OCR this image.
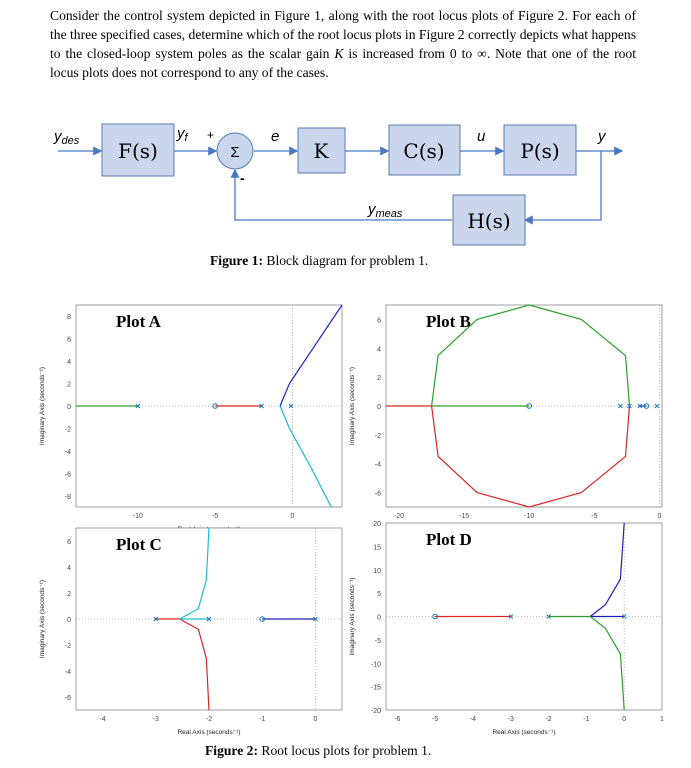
Consider the control system depicted in Figure 1, along with the root locus plots of Figure 2. For each of the three specified cases, determine which of the root locus plots in Figure 2 correctly depicts what happens to the closed-loop system poles as the scalar gain K is increased from 0 to ∞. Note that one of the root locus plots does not correspond to any of the cases.

F(s)	Σ	K	C(s)	P(s)
H(s)
$y_{des}$	$y_f$	e	u	y
$y_{meas}$
+
-
Figure 1: Block diagram for problem 1.
-10	-5	0
-8
-6
-4
-2
0
2
4
6
8
Imaginary Axis (seconds⁻¹)
Plot A
-20	-15	-10	-5	0
-6
-4
-2
0
2
4
6
Imaginary Axis (seconds⁻¹)
Plot B
-4	-3	-2	-1	0
-6
-4
-2
0
2
4
6
Real Axis (seconds⁻¹)
Imaginary Axis (seconds⁻¹)
Plot C
-6	-5	-4	-3	-2	-1	0	1
-20
-15
-10
-5
0
5
10
15
20
Real Axis (seconds⁻¹)
Imaginary Axis (seconds⁻¹)
Plot D
Figure 2: Root locus plots for problem 1.
